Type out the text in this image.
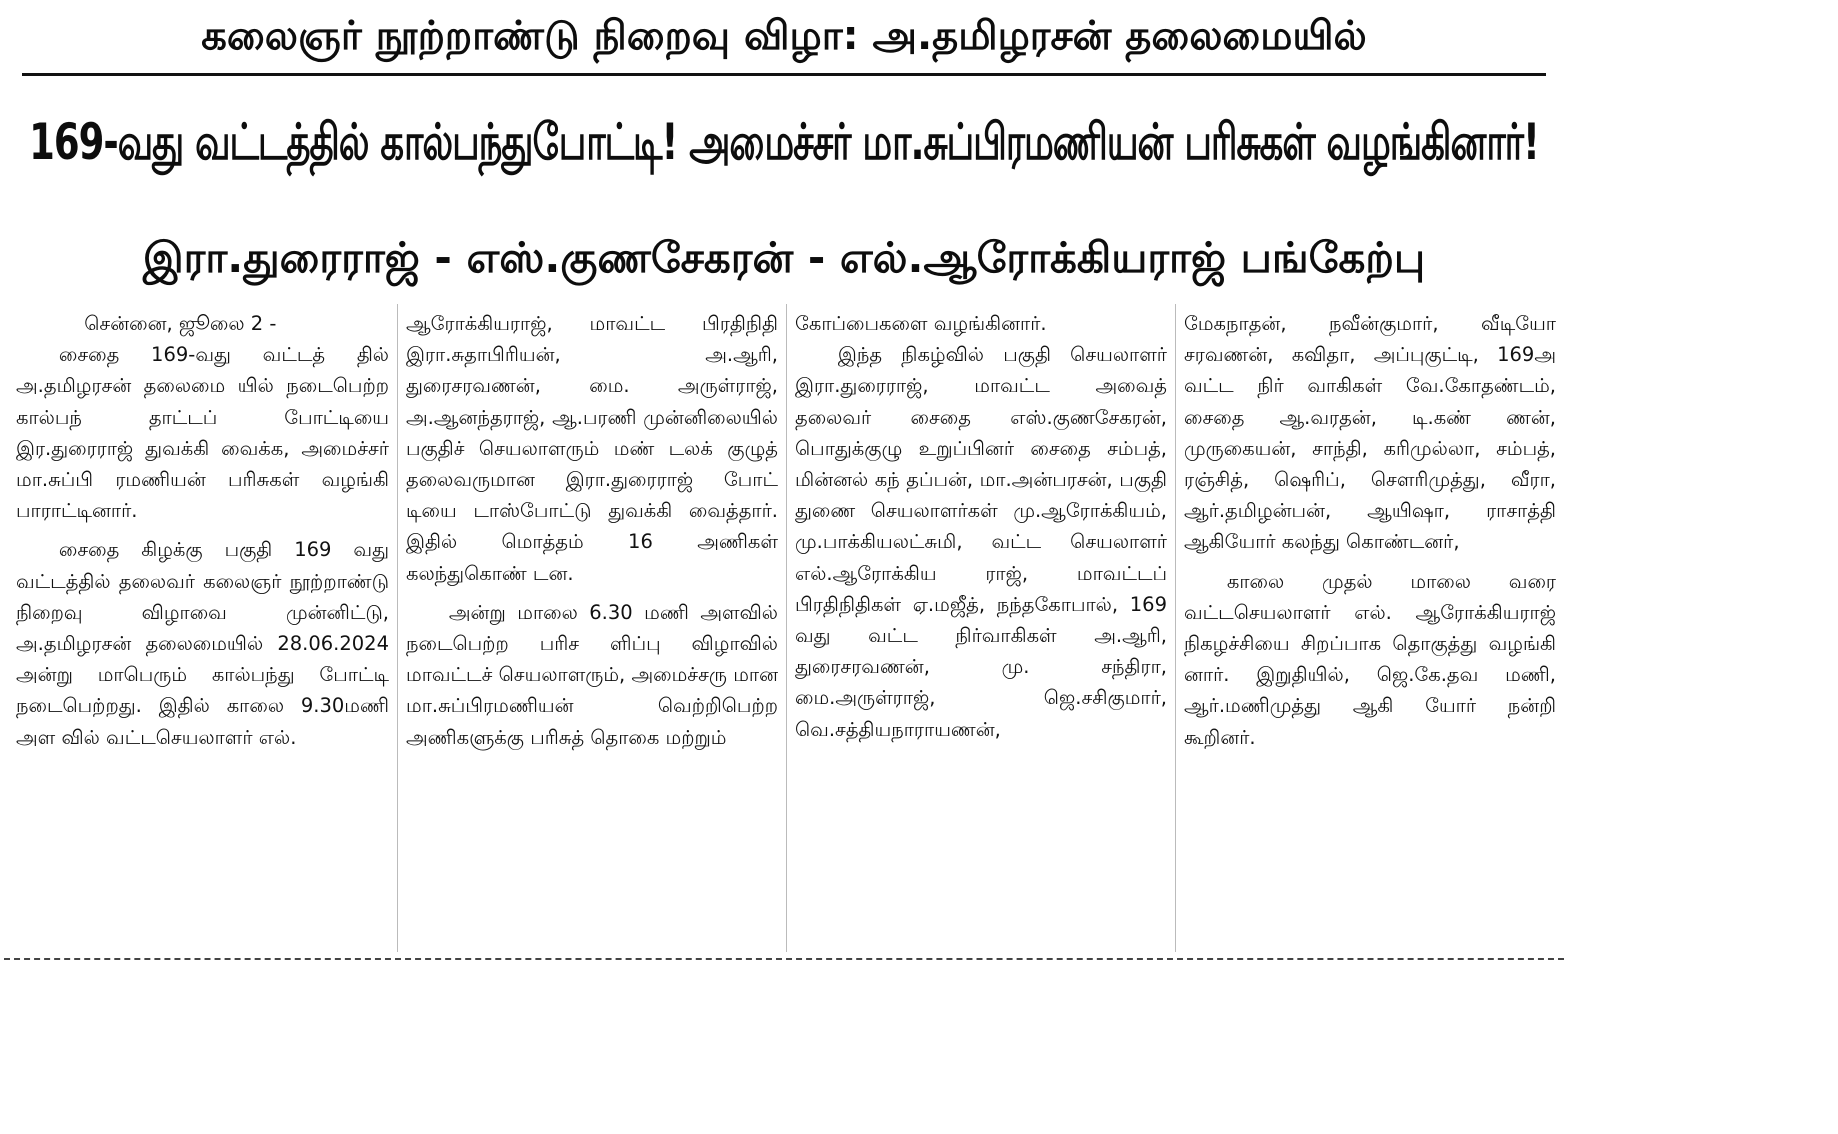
கலைஞர் நூற்றாண்டு நிறைவு விழா: அ.தமிழரசன் தலைமையில்
169-வது வட்டத்தில் கால்பந்துபோட்டி! அமைச்சர் மா.சுப்பிரமணியன் பரிசுகள் வழங்கினார்!
இரா.துரைராஜ் - எஸ்.குணசேகரன் - எல்.ஆரோக்கியராஜ் பங்கேற்பு

சென்னை, ஜூலை 2 -

சைதை 169-வது வட்டத் தில் அ.தமிழரசன் தலைமை யில் நடைபெற்ற கால்பந் தாட்டப் போட்டியை இர.துரைராஜ் துவக்கி வைக்க, அமைச்சர் மா.சுப்பி ரமணியன் பரிசுகள் வழங்கி பாராட்டினார்.

சைதை கிழக்கு பகுதி 169 வது வட்டத்தில் தலைவர் கலைஞர் நூற்றாண்டு நிறைவு விழாவை முன்னிட்டு, அ.தமிழரசன் தலைமையில் 28.06.2024 அன்று மாபெரும் கால்பந்து போட்டி நடைபெற்றது. இதில் காலை 9.30மணி அள வில் வட்டசெயலாளர் எல்.

ஆரோக்கியராஜ், மாவட்ட பிரதிநிதி இரா.சுதாபிரியன், அ.ஆரி, துரைசரவணன், மை. அருள்ராஜ், அ.ஆனந்தராஜ், ஆ.பரணி முன்னிலையில் பகுதிச் செயலாளரும் மண் டலக் குழுத் தலைவருமான இரா.துரைராஜ் போட் டியை டாஸ்போட்டு துவக்கி வைத்தார். இதில் மொத்தம் 16 அணிகள் கலந்துகொண் டன.

அன்று மாலை 6.30 மணி அளவில் நடைபெற்ற பரிச ளிப்பு விழாவில் மாவட்டச் செயலாளரும், அமைச்சரு மான மா.சுப்பிரமணியன் வெற்றிபெற்ற அணிகளுக்கு பரிசுத் தொகை மற்றும்

கோப்பைகளை வழங்கினார்.

இந்த நிகழ்வில் பகுதி செயலாளர் இரா.துரைராஜ், மாவட்ட அவைத் தலைவர் சைதை எஸ்.குணசேகரன், பொதுக்குழு உறுப்பினர் சைதை சம்பத், மின்னல் கந் தப்பன், மா.அன்பரசன், பகுதி துணை செயலாளர்கள் மு.ஆரோக்கியம், மு.பாக்கியலட்சுமி, வட்ட செயலாளர் எல்.ஆரோக்கிய ராஜ், மாவட்டப் பிரதிநிதிகள் ஏ.மஜீத், நந்தகோபால், 169 வது வட்ட நிர்வாகிகள் அ.ஆரி, துரைசரவணன், மு. சந்திரா, மை.அருள்ராஜ், ஜெ.சசிகுமார், வெ.சத்தியநாராயணன்,

மேகநாதன், நவீன்குமார், வீடியோ சரவணன், கவிதா, அப்புகுட்டி, 169அ வட்ட நிர் வாகிகள் வே.கோதண்டம், சைதை ஆ.வரதன், டி.கண் ணன், முருகையன், சாந்தி, கரிமுல்லா, சம்பத், ரஞ்சித், ஷெரிப், சௌரிமுத்து, வீரா, ஆர்.தமிழன்பன், ஆயிஷா, ராசாத்தி ஆகியோர் கலந்து கொண்டனர்,

காலை முதல் மாலை வரை வட்டசெயலாளர் எல். ஆரோக்கியராஜ் நிகழச்சியை சிறப்பாக தொகுத்து வழங்கி னார். இறுதியில், ஜெ.கே.தவ மணி, ஆர்.மணிமுத்து ஆகி யோர் நன்றி கூறினர்.
